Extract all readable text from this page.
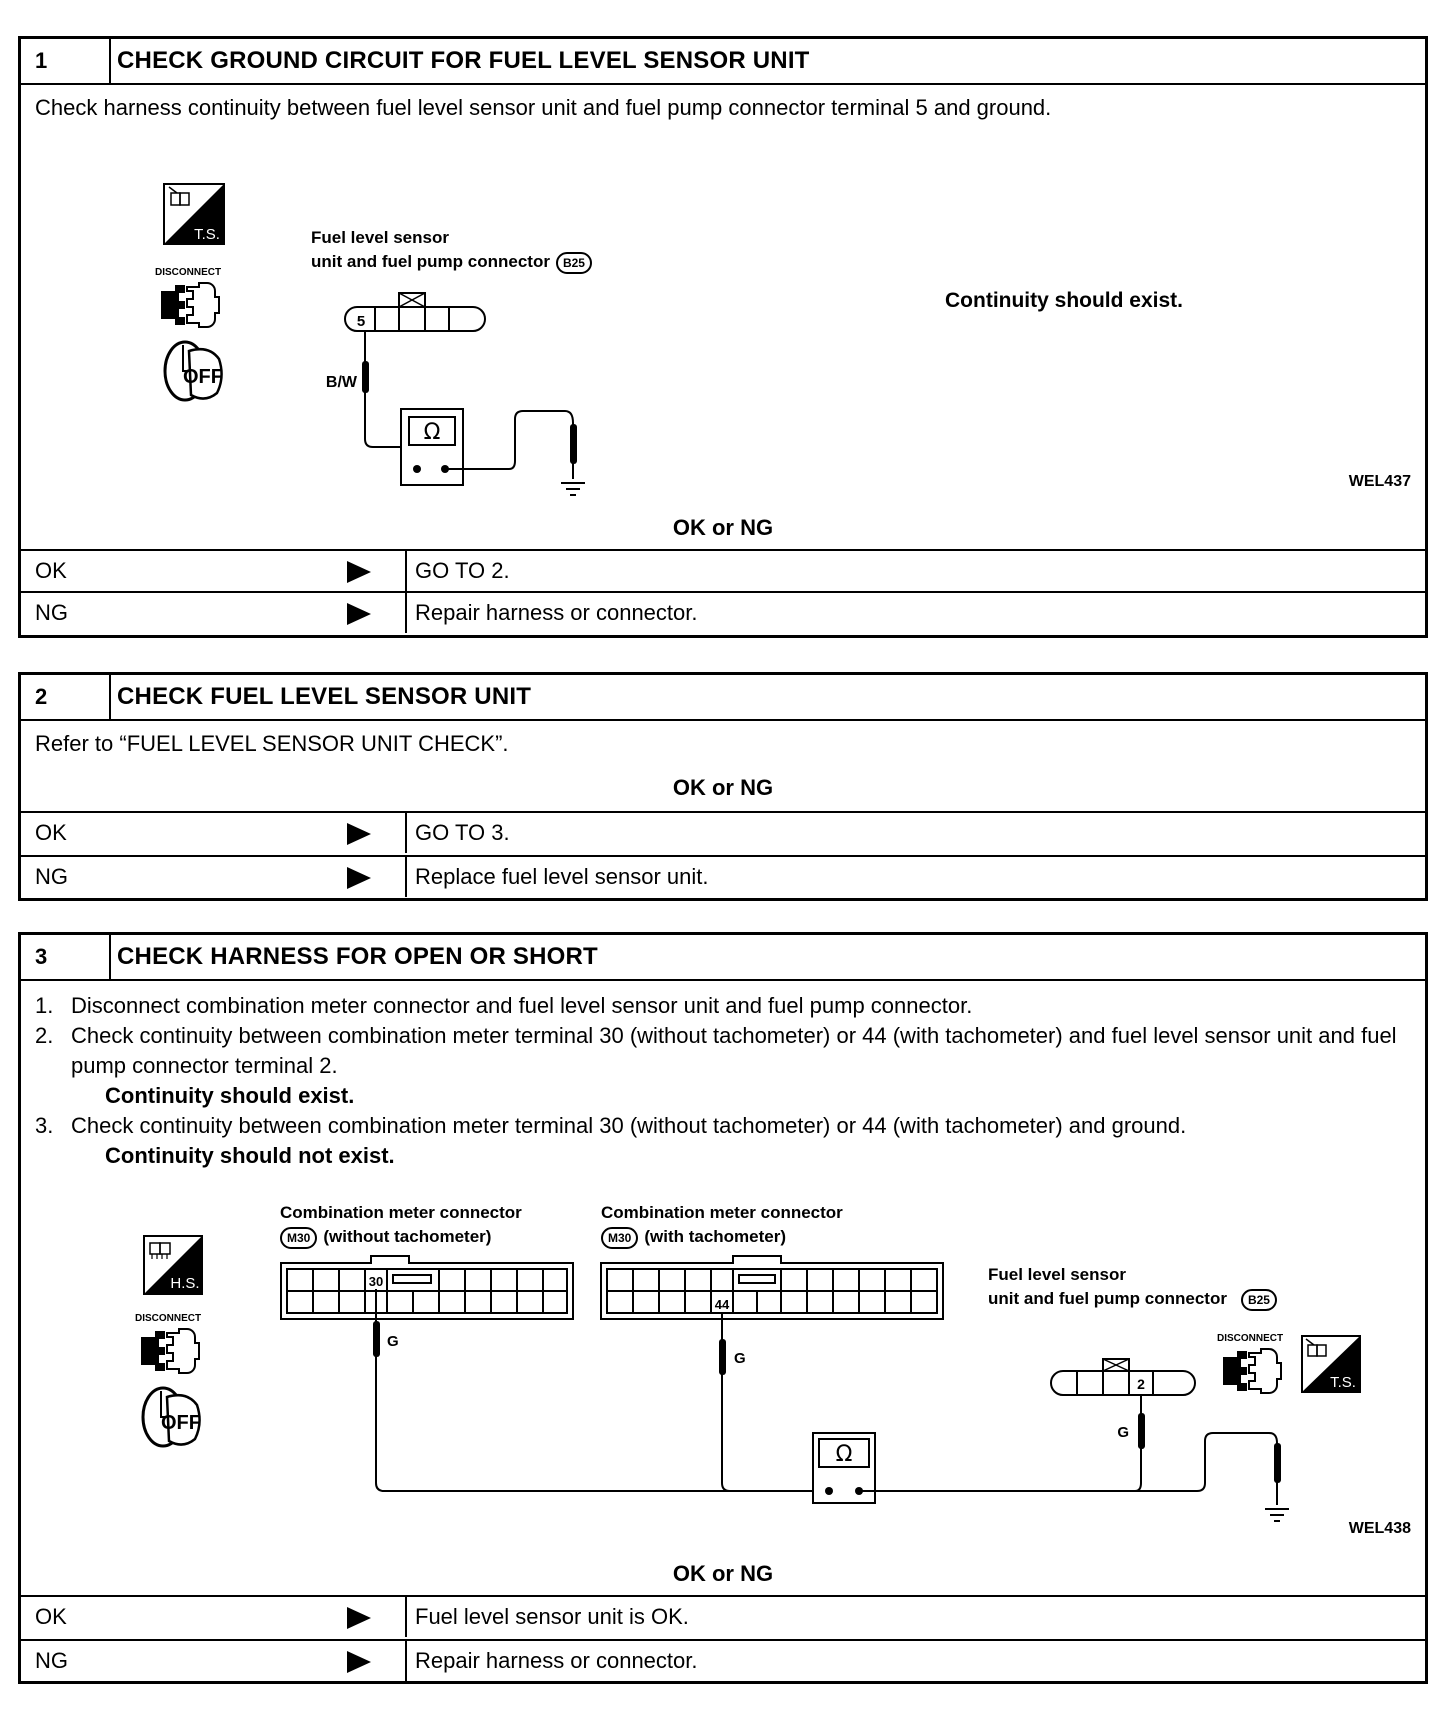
1	CHECK GROUND CIRCUIT FOR FUEL LEVEL SENSOR UNIT
Check harness continuity between fuel level sensor unit and fuel pump connector terminal 5 and ground.
T.S.
DISCONNECT
OFF
Fuel level sensor
unit and fuel pump connector B25
5
B/W
Ω
Continuity should exist.
WEL437
OK or NG
OK	GO TO 2.
NG	Repair harness or connector.
2	CHECK FUEL LEVEL SENSOR UNIT
Refer to “FUEL LEVEL SENSOR UNIT CHECK”.
OK or NG
OK	GO TO 3.
NG	Replace fuel level sensor unit.
3	CHECK HARNESS FOR OPEN OR SHORT
1. Disconnect combination meter connector and fuel level sensor unit and fuel pump connector.
2. Check continuity between combination meter terminal 30 (without tachometer) or 44 (with tachometer) and fuel level sensor unit and fuel pump connector terminal 2.
Continuity should exist.
3. Check continuity between combination meter terminal 30 (without tachometer) or 44 (with tachometer) and ground.
Continuity should not exist.
H.S.
DISCONNECT
OFF
Combination meter connector
M30 (without tachometer)
Combination meter connector
M30 (with tachometer)
Fuel level sensor
unit and fuel pump connector B25
30
44
G
G
Ω
2
G
DISCONNECT
T.S.
WEL438
OK or NG
OK	Fuel level sensor unit is OK.
NG	Repair harness or connector.
